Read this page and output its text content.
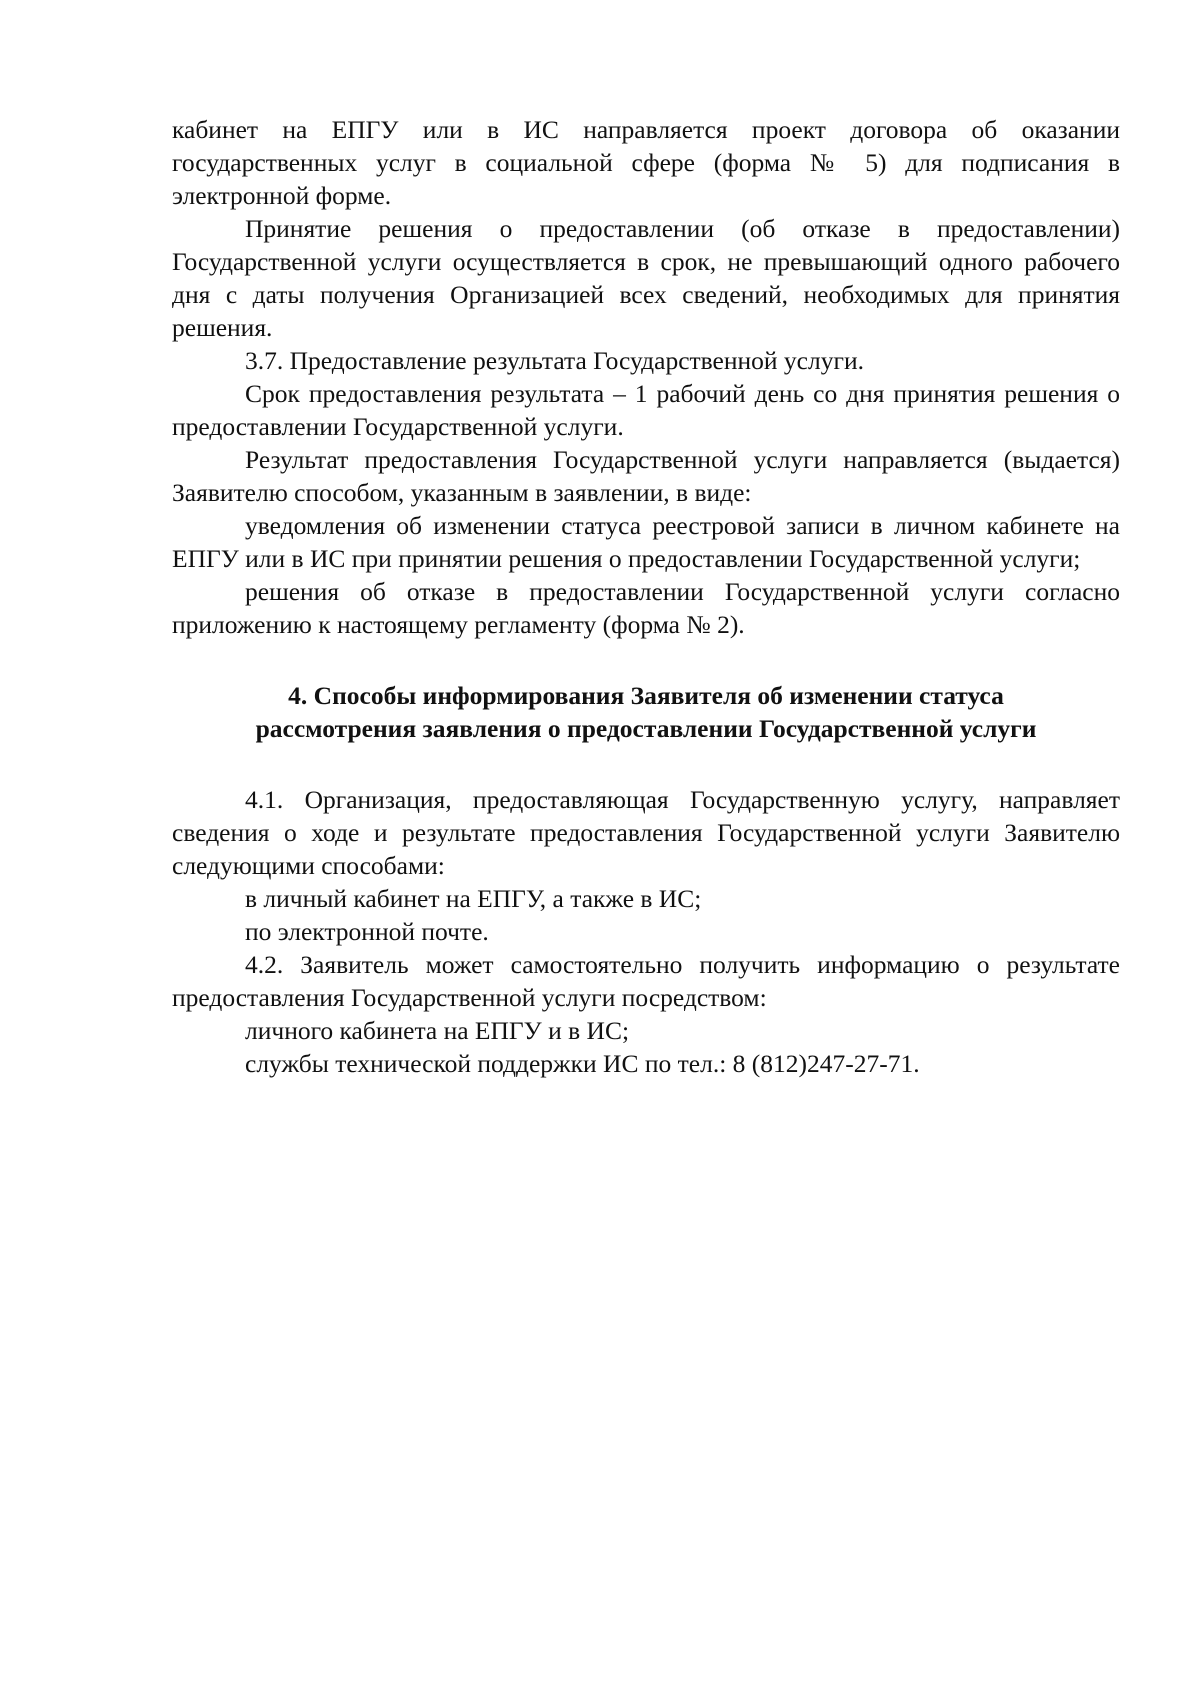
кабинет на ЕПГУ или в ИС направляется проект договора об оказании государственных услуг в социальной сфере (форма № 5) для подписания в электронной форме.

Принятие решения о предоставлении (об отказе в предоставлении) Государственной услуги осуществляется в срок, не превышающий одного рабочего дня с даты получения Организацией всех сведений, необходимых для принятия решения.

3.7. Предоставление результата Государственной услуги.

Срок предоставления результата – 1 рабочий день со дня принятия решения о предоставлении Государственной услуги.

Результат предоставления Государственной услуги направляется (выдается) Заявителю способом, указанным в заявлении, в виде:

уведомления об изменении статуса реестровой записи в личном кабинете на ЕПГУ или в ИС при принятии решения о предоставлении Государственной услуги;

решения об отказе в предоставлении Государственной услуги согласно приложению к настоящему регламенту (форма № 2).

4. Способы информирования Заявителя об изменении статуса
рассмотрения заявления о предоставлении Государственной услуги

4.1. Организация, предоставляющая Государственную услугу, направляет сведения о ходе и результате предоставления Государственной услуги Заявителю следующими способами:

в личный кабинет на ЕПГУ, а также в ИС;

по электронной почте.

4.2. Заявитель может самостоятельно получить информацию о результате предоставления Государственной услуги посредством:

личного кабинета на ЕПГУ и в ИС;

службы технической поддержки ИС по тел.: 8 (812)247-27-71.
